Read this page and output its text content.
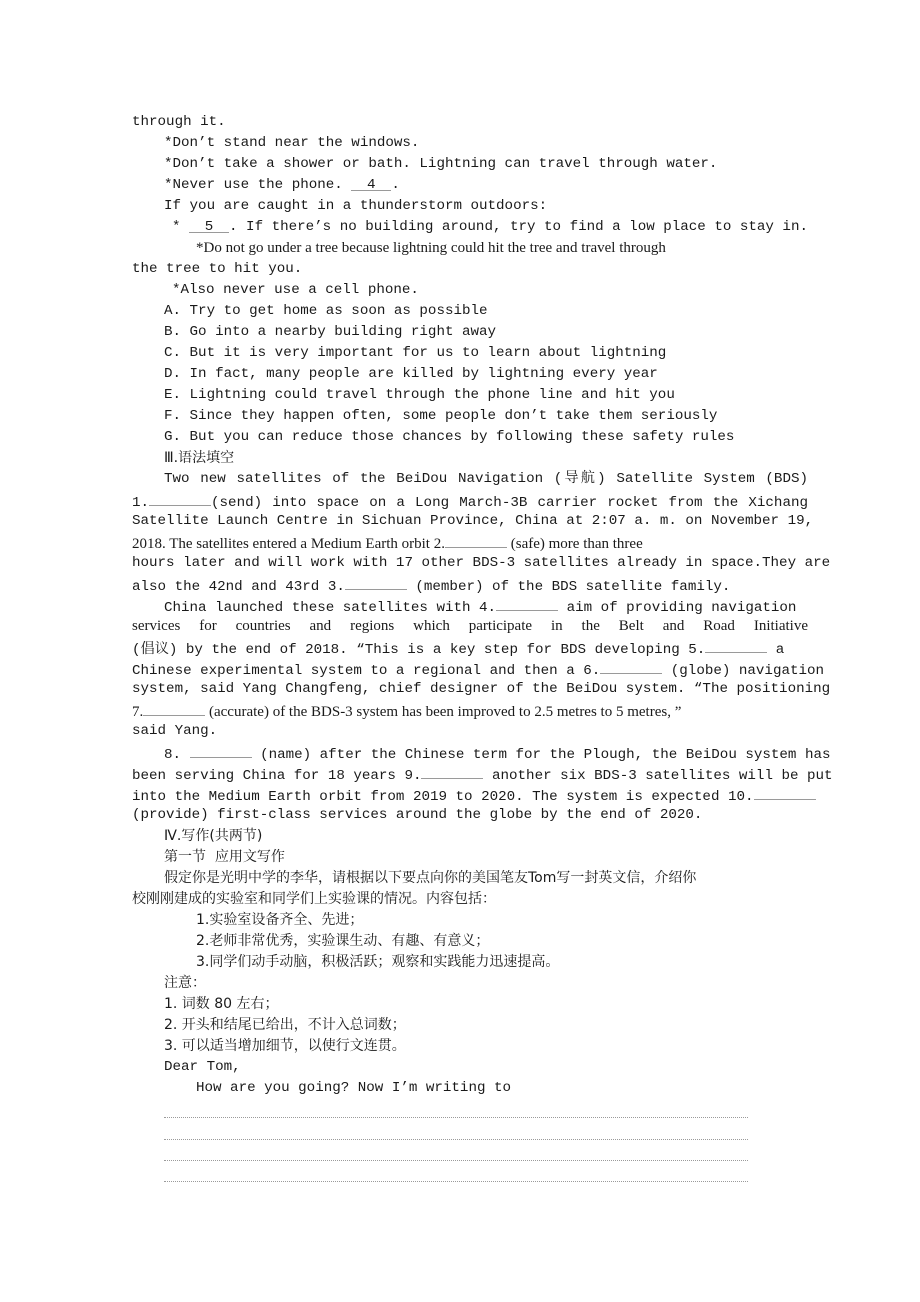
through it.
*Don’t stand near the windows.
*Don’t take a shower or bath. Lightning can travel through water.
*Never use the phone. 4 .
If you are caught in a thunderstorm outdoors:
* 5 . If there’s no building around, try to find a low place to stay in.
*Do not go under a tree because lightning could hit the tree and travel through
the tree to hit you.
*Also never use a cell phone.
A. Try to get home as soon as possible
B. Go into a nearby building right away
C. But it is very important for us to learn about lightning
D. In fact, many people are killed by lightning every year
E. Lightning could travel through the phone line and hit you
F. Since they happen often, some people don’t take them seriously
G. But you can reduce those chances by following these safety rules
Ⅲ.语法填空
Two new satellites of the BeiDou Navigation (导航) Satellite System (BDS)
1.	(send) into space on a Long March-3B carrier rocket from the Xichang
Satellite Launch Centre in Sichuan Province, China at 2:07 a. m. on November 19,
2018. The satellites entered a Medium Earth orbit 2.	(safe) more than three
hours later and will work with 17 other BDS-3 satellites already in space.They are
also the 42nd and 43rd 3.	(member) of the BDS satellite family.
China launched these satellites with 4.	aim of providing navigation
services for countries and regions which participate in the Belt and Road Initiative
(倡议) by the end of 2018. “This is a key step for BDS developing 5.	a
Chinese experimental system to a regional and then a 6.	(globe) navigation
system, said Yang Changfeng, chief designer of the BeiDou system. “The positioning
7.	(accurate) of the BDS-3 system has been improved to 2.5 metres to 5 metres, ”
said Yang.
8.	(name) after the Chinese term for the Plough, the BeiDou system has
been serving China for 18 years 9.	another six BDS-3 satellites will be put
into the Medium Earth orbit from 2019 to 2020. The system is expected 10.
(provide) first-class services around the globe by the end of 2020.
Ⅳ.写作(共两节)
第一节  应用文写作
假定你是光明中学的李华，请根据以下要点向你的美国笔友Tom写一封英文信，介绍你
校刚刚建成的实验室和同学们上实验课的情况。内容包括：
1.实验室设备齐全、先进；
2.老师非常优秀，实验课生动、有趣、有意义；
3.同学们动手动脑，积极活跃；观察和实践能力迅速提高。
注意：
1. 词数 80 左右；
2. 开头和结尾已给出，不计入总词数；
3. 可以适当增加细节，以使行文连贯。
Dear Tom,
How are you going? Now I’m writing to
